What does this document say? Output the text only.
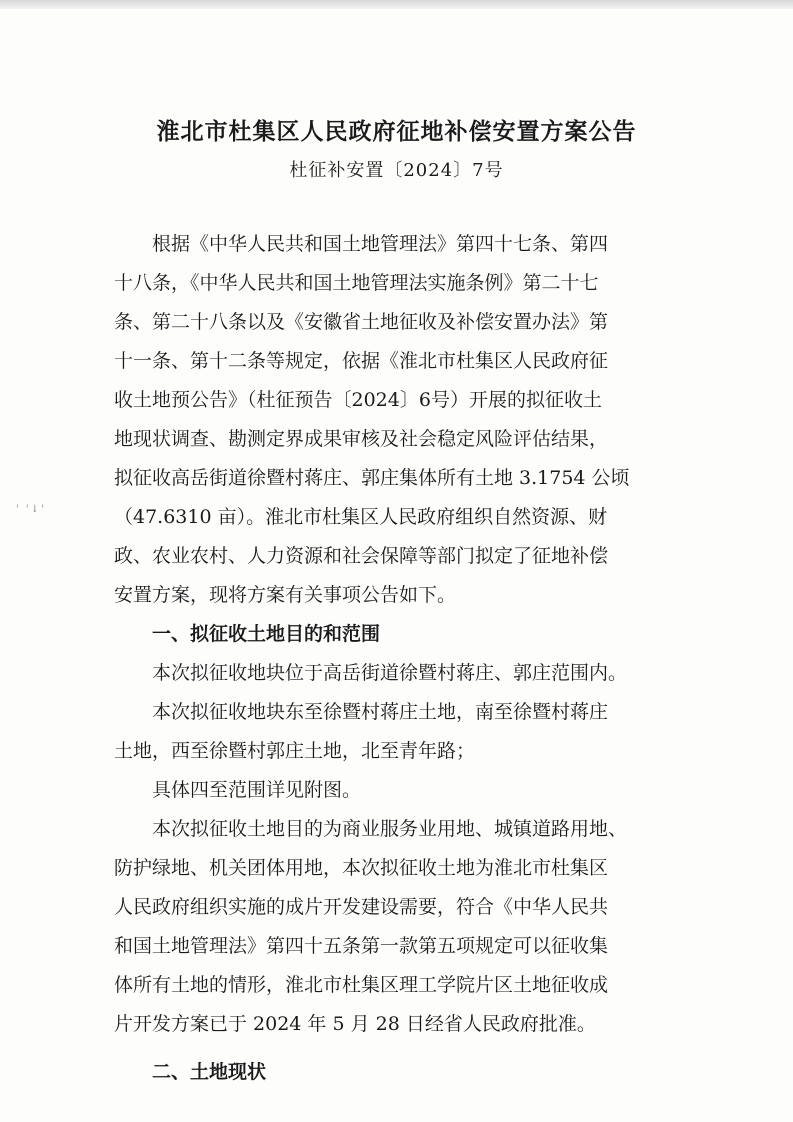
淮北市杜集区人民政府征地补偿安置方案公告

杜征补安置〔2024〕7号

' '↓'

根据《中华人民共和国土地管理法》第四十七条、第四

十八条，《中华人民共和国土地管理法实施条例》第二十七

条、第二十八条以及《安徽省土地征收及补偿安置办法》第

十一条、第十二条等规定，依据《淮北市杜集区人民政府征

收土地预公告》（杜征预告〔2024〕6号）开展的拟征收土

地现状调查、勘测定界成果审核及社会稳定风险评估结果，

拟征收高岳街道徐暨村蒋庄、郭庄集体所有土地 3.1754 公顷

（47.6310 亩）。淮北市杜集区人民政府组织自然资源、财

政、农业农村、人力资源和社会保障等部门拟定了征地补偿

安置方案，现将方案有关事项公告如下。

一、拟征收土地目的和范围

本次拟征收地块位于高岳街道徐暨村蒋庄、郭庄范围内。

本次拟征收地块东至徐暨村蒋庄土地，南至徐暨村蒋庄

土地，西至徐暨村郭庄土地，北至青年路；

具体四至范围详见附图。

本次拟征收土地目的为商业服务业用地、城镇道路用地、

防护绿地、机关团体用地，本次拟征收土地为淮北市杜集区

人民政府组织实施的成片开发建设需要，符合《中华人民共

和国土地管理法》第四十五条第一款第五项规定可以征收集

体所有土地的情形，淮北市杜集区理工学院片区土地征收成

片开发方案已于 2024 年 5 月 28 日经省人民政府批准。

二、土地现状
